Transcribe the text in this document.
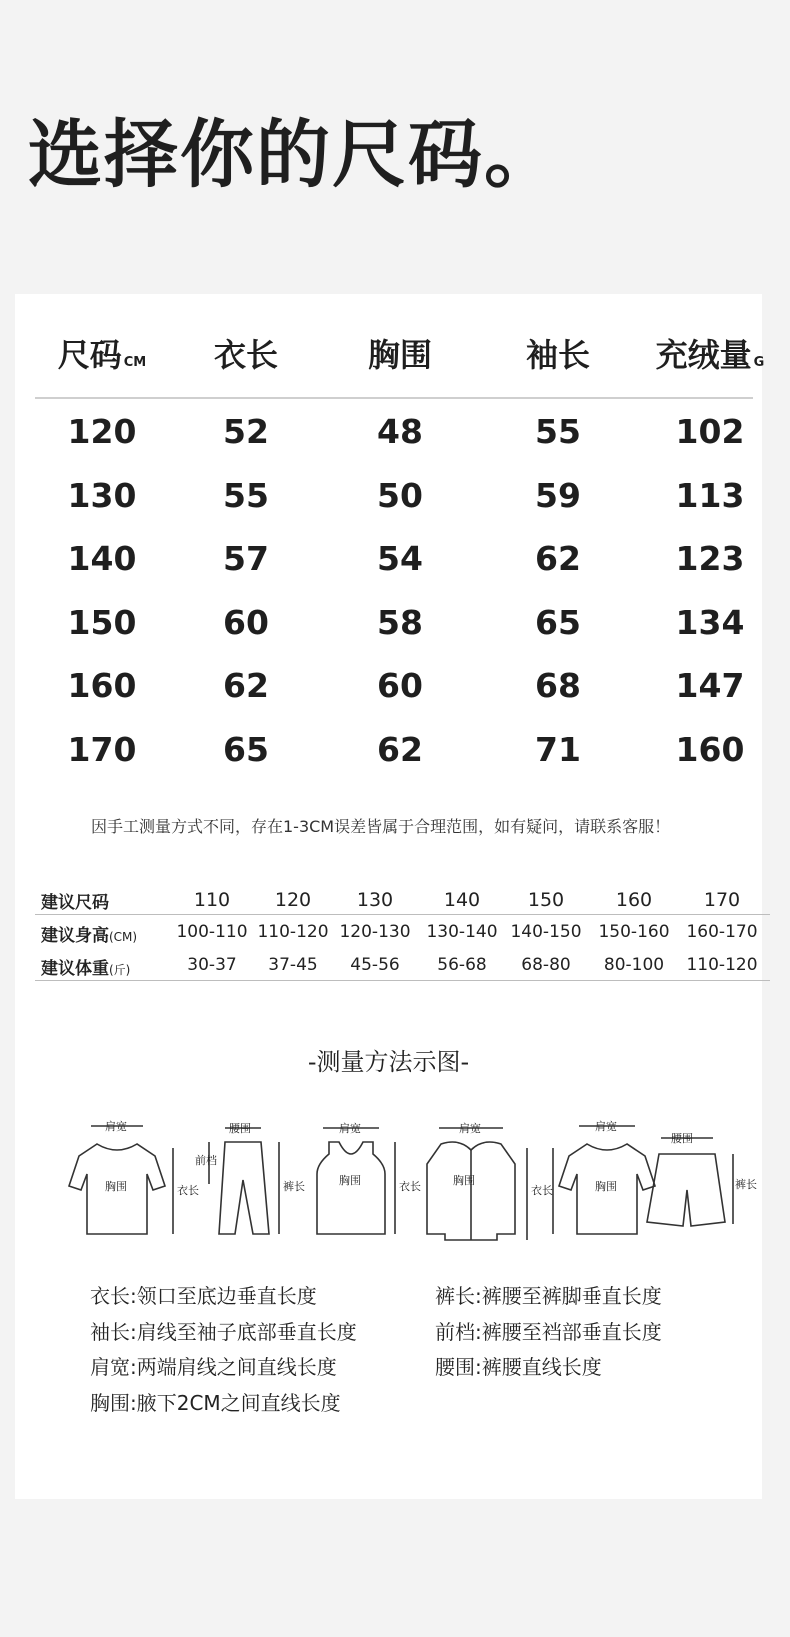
选择你的尺码。
尺码 CM	衣长	胸围	袖长	充绒量 G
120	52	48	55	102
130	55	50	59	113
140	57	54	62	123
150	60	58	65	134
160	62	60	68	147
170	65	62	71	160
因手工测量方式不同，存在1-3CM误差皆属于合理范围，如有疑问，请联系客服！
建议尺码	110	120	130	140	150	160	170
建议身高(CM)	100-110 110-120 120-130 130-140 140-150 150-160 160-170
建议体重(斤)	30-37	37-45	45-56	56-68	68-80	80-100	110-120
-测量方法示图-
肩宽
胸围	衣长
腰围
前档
裤长
肩宽
胸围	衣长
肩宽
胸围
衣长
肩宽
胸围
腰围
裤长
衣长:领口至底边垂直长度
袖长:肩线至袖子底部垂直长度
肩宽:两端肩线之间直线长度
胸围:腋下2CM之间直线长度
裤长:裤腰至裤脚垂直长度
前档:裤腰至裆部垂直长度
腰围:裤腰直线长度
